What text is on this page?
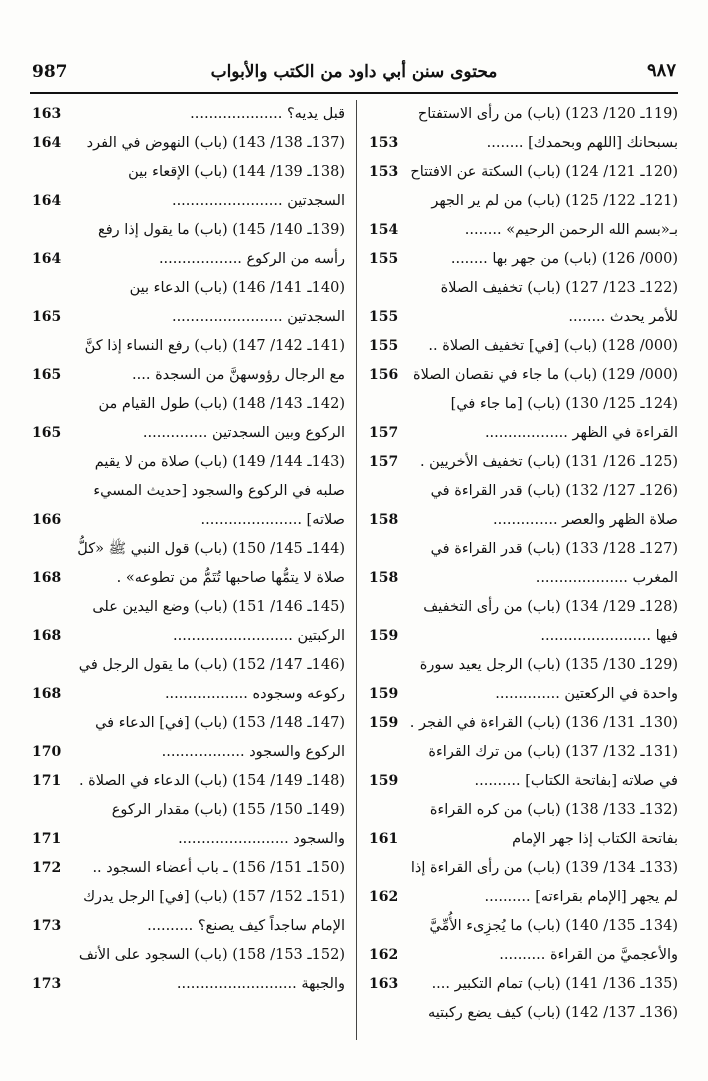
987	محتوى سنن أبي داود من الكتب والأبواب	٩٨٧
(119ـ 120/ 123) (باب) من رأى الاستفتاح بسبحانك [اللهم وبحمدك] ........
153
(120ـ 121/ 124) (باب) السكتة عن الافتتاح
153
(121ـ 122/ 125) (باب) من لم ير الجهر بـ«بسم الله الرحمن الرحيم» ........
154
(000/ 126) (باب) من جهر بها ........
155
(122ـ 123/ 127) (باب) تخفيف الصلاة للأمر يحدث ........
155
(000/ 128) (باب) [في] تخفيف الصلاة ..
155
(000/ 129) (باب) ما جاء في نقصان الصلاة
156
(124ـ 125/ 130) (باب) [ما جاء في] القراءة في الظهر ..................
157
(125ـ 126/ 131) (باب) تخفيف الأخريين .
157
(126ـ 127/ 132) (باب) قدر القراءة في صلاة الظهر والعصر ..............
158
(127ـ 128/ 133) (باب) قدر القراءة في المغرب ....................
158
(128ـ 129/ 134) (باب) من رأى التخفيف فيها ........................
159
(129ـ 130/ 135) (باب) الرجل يعيد سورة واحدة في الركعتين ..............
159
(130ـ 131/ 136) (باب) القراءة في الفجر .
159
(131ـ 132/ 137) (باب) من ترك القراءة في صلاته [بفاتحة الكتاب] ..........
159
(132ـ 133/ 138) (باب) من كره القراءة بفاتحة الكتاب إذا جهر الإمام
161
(133ـ 134/ 139) (باب) من رأى القراءة إذا لم يجهر [الإمام بقراءته] ..........
162
(134ـ 135/ 140) (باب) ما يُجزِىء الأُمِّيَّ والأعجميَّ من القراءة ..........
162
(135ـ 136/ 141) (باب) تمام التكبير ....
163
(136ـ 137/ 142) (باب) كيف يضع ركبتيه
قبل يديه؟ ....................
163
(137ـ 138/ 143) (باب) النهوض في الفرد
164
(138ـ 139/ 144) (باب) الإقعاء بين السجدتين ........................
164
(139ـ 140/ 145) (باب) ما يقول إذا رفع رأسه من الركوع ..................
164
(140ـ 141/ 146) (باب) الدعاء بين السجدتين ........................
165
(141ـ 142/ 147) (باب) رفع النساء إذا كنَّ مع الرجال رؤوسهنَّ من السجدة ....
165
(142ـ 143/ 148) (باب) طول القيام من الركوع وبين السجدتين ..............
165
(143ـ 144/ 149) (باب) صلاة من لا يقيم صلبه في الركوع والسجود [حديث المسيء صلاته] ......................
166
(144ـ 145/ 150) (باب) قول النبي ﷺ «كلُّ صلاة لا يتمُّها صاحبها تُتَمُّ من تطوعه» .
168
(145ـ 146/ 151) (باب) وضع اليدين على الركبتين ..........................
168
(146ـ 147/ 152) (باب) ما يقول الرجل في ركوعه وسجوده ..................
168
(147ـ 148/ 153) (باب) [في] الدعاء في الركوع والسجود ..................
170
(148ـ 149/ 154) (باب) الدعاء في الصلاة .
171
(149ـ 150/ 155) (باب) مقدار الركوع والسجود ........................
171
(150ـ 151/ 156) ـ باب أعضاء السجود ..
172
(151ـ 152/ 157) (باب) [في] الرجل يدرك الإمام ساجداً كيف يصنع؟ ..........
173
(152ـ 153/ 158) (باب) السجود على الأنف والجبهة ..........................
173
